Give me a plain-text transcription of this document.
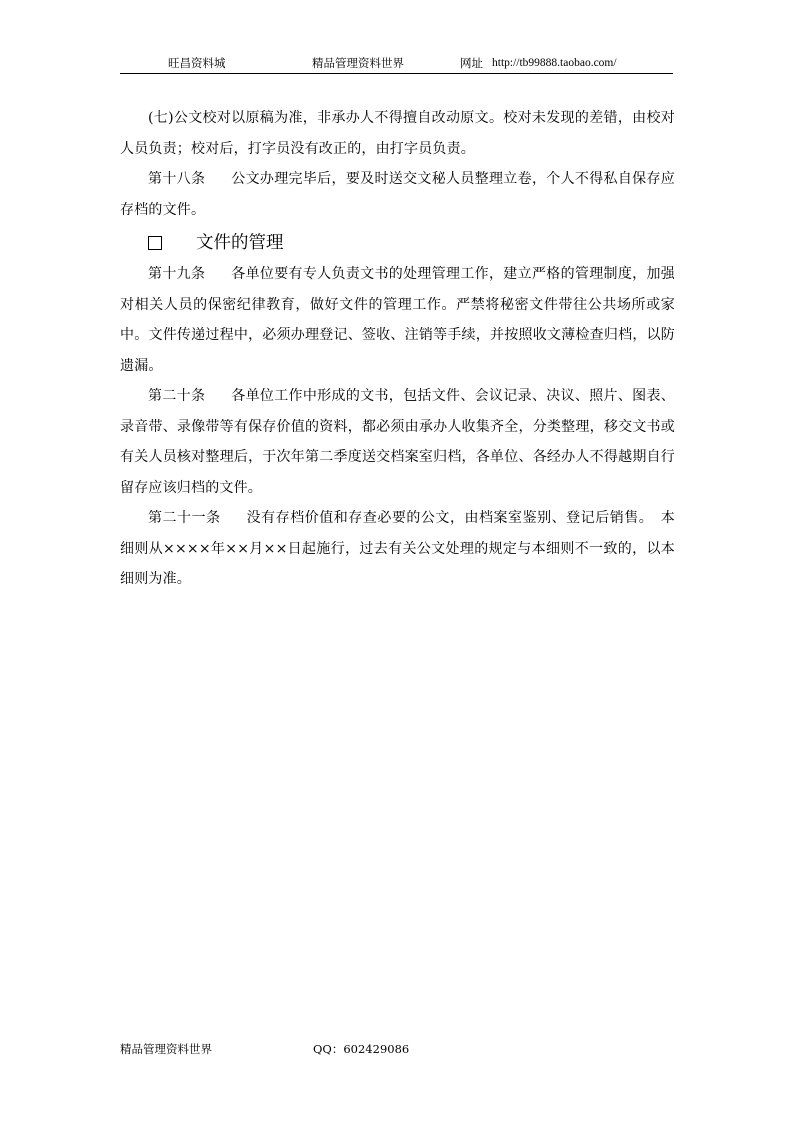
旺昌资料城	精品管理资料世界	网址 http://tb99888.taobao.com/

(七)公文校对以原稿为准，非承办人不得擅自改动原文。校对未发现的差错，由校对人员负责；校对后，打字员没有改正的，由打字员负责。

第十八条 公文办理完毕后，要及时送交文秘人员整理立卷，个人不得私自保存应存档的文件。

文件的管理

第十九条 各单位要有专人负责文书的处理管理工作，建立严格的管理制度，加强对相关人员的保密纪律教育，做好文件的管理工作。严禁将秘密文件带往公共场所或家中。文件传递过程中，必须办理登记、签收、注销等手续，并按照收文薄检查归档，以防遗漏。

第二十条 各单位工作中形成的文书，包括文件、会议记录、决议、照片、图表、录音带、录像带等有保存价值的资料，都必须由承办人收集齐全，分类整理，移交文书或有关人员核对整理后，于次年第二季度送交档案室归档，各单位、各经办人不得越期自行留存应该归档的文件。

第二十一条 没有存档价值和存查必要的公文，由档案室鉴别、登记后销售。　本细则从××××年××月××日起施行，过去有关公文处理的规定与本细则不一致的，以本细则为准。

精品管理资料世界	QQ：602429086
